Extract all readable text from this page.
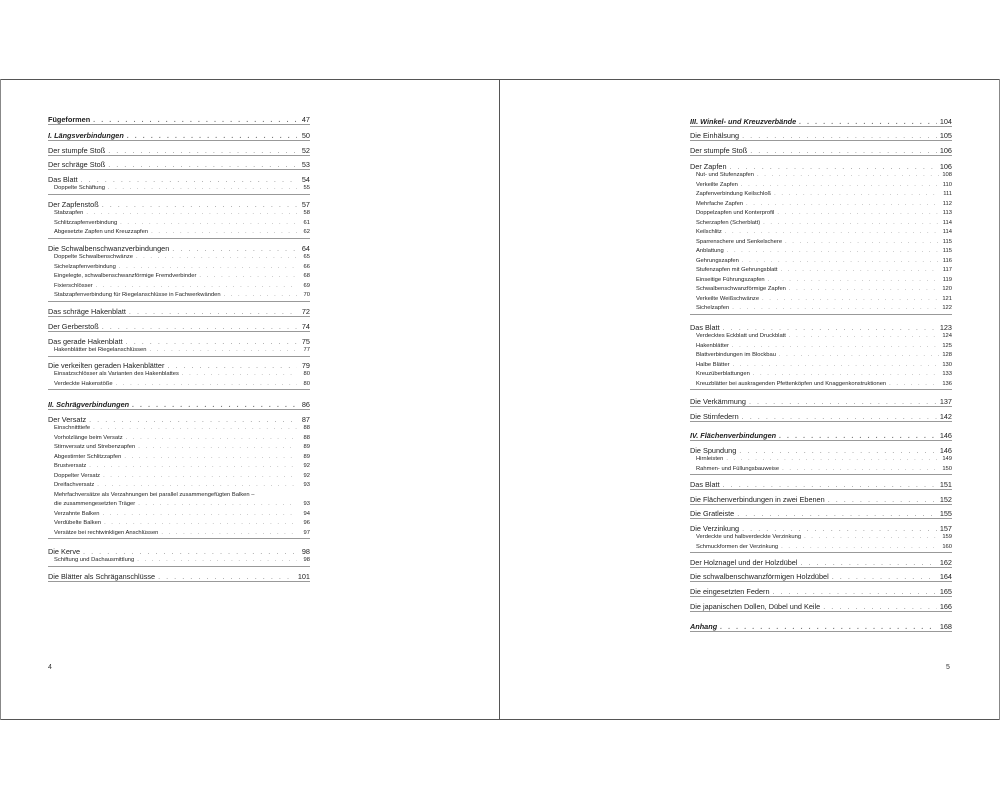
Fügeformen . . .	47
I. Längsverbindungen . . .	50
Der stumpfe Stoß . . .	52
Der schräge Stoß . . .	53
Das Blatt . . .	54
Doppelte Schäftung . . .	55
Der Zapfenstoß . . .	57
Stabzapfen . . .	58
Schlitzzapfenverbindung . . .	61
Abgesetzte Zapfen und Kreuzzapfen . . .	62
Die Schwalbenschwanzverbindungen . . .	64
Doppelte Schwalbenschwänze . . .	65
Sichelzapfenverbindung . . .	66
Eingelegte, schwalbenschwanzförmige Fremdverbinder . . .	68
Fixierschlösser . . .	69
Stabzapfenverbindung für Riegelanschlüsse in Fachwerkwänden . . .	70
Das schräge Hakenblatt . . .	72
Der Gerberstoß . . .	74
Das gerade Hakenblatt . . .	75
Hakenblätter bei Riegelanschlüssen . . .	77
Die verkeilten geraden Hakenblätter . . .	79
Einsatzschlösser als Varianten des Hakenblattes . . .	80
Verdeckte Hakenstöße . . .	80
II. Schrägverbindungen . . .	86
Der Versatz . . .	87
Einschnitttiefe . . .	88
Vorholzlänge beim Versatz . . .	88
Stirnversatz und Strebenzapfen . . .	89
Abgestirnter Schlitzzapfen . . .	89
Brustversatz . . .	92
Doppelter Versatz . . .	92
Dreifachversatz . . .	93
Mehrfachversätze als Verzahnungen bei parallel zusammengefügten Balken –
die zusammengesetzten Träger . . .	93
Verzahnte Balken . . .	94
Verdübelte Balken . . .	96
Versätze bei rechtwinkligen Anschlüssen . . .	97
Die Kerve . . .	98
Schiftung und Dachausmittlung . . .	98
Die Blätter als Schräganschlüsse . . .	101
III. Winkel- und Kreuzverbände . . .	104
Die Einhälsung . . .	105
Der stumpfe Stoß . . .	106
Der Zapfen . . .	106
Nut- und Stufenzapfen . . .	108
Verkeilte Zapfen . . .	110
Zapfenverbindung Keilschloß . . .	111
Mehrfache Zapfen . . .	112
Doppelzapfen und Konterprofil . . .	113
Scherzapfen (Scherblatt) . . .	114
Keilschlitz . . .	114
Sparrenschere und Senkelschere . . .	115
Anblattung . . .	115
Gehrungszapfen . . .	116
Stufenzapfen mit Gehrungsblatt . . .	117
Einseitige Führungszapfen . . .	119
Schwalbenschwanzförmige Zapfen . . .	120
Verkeilte Weißschwänze . . .	121
Sichelzapfen . . .	122
Das Blatt . . .	123
Verdecktes Eckblatt und Druckblatt . . .	124
Hakenblätter . . .	125
Blattverbindungen im Blockbau . . .	128
Halbe Blätter . . .	130
Kreuzüberblattungen . . .	133
Kreuzblätter bei auskragenden Pfettenköpfen und Knaggenkonstruktionen . . .	136
Die Verkämmung . . .	137
Die Stirnfedern . . .	142
IV. Flächenverbindungen . . .	146
Die Spundung . . .	146
Hirnleisten . . .	149
Rahmen- und Füllungsbauweise . . .	150
Das Blatt . . .	151
Die Flächenverbindungen in zwei Ebenen . . .	152
Die Gratleiste . . .	155
Die Verzinkung . . .	157
Verdeckte und halbverdeckte Verzinkung . . .	159
Schmuckformen der Verzinkung . . .	160
Der Holznagel und der Holzdübel . . .	162
Die schwalbenschwanzförmigen Holzdübel . . .	164
Die eingesetzten Federn . . .	165
Die japanischen Dollen, Dübel und Keile . . .	166
Anhang . . .	168
4	5
